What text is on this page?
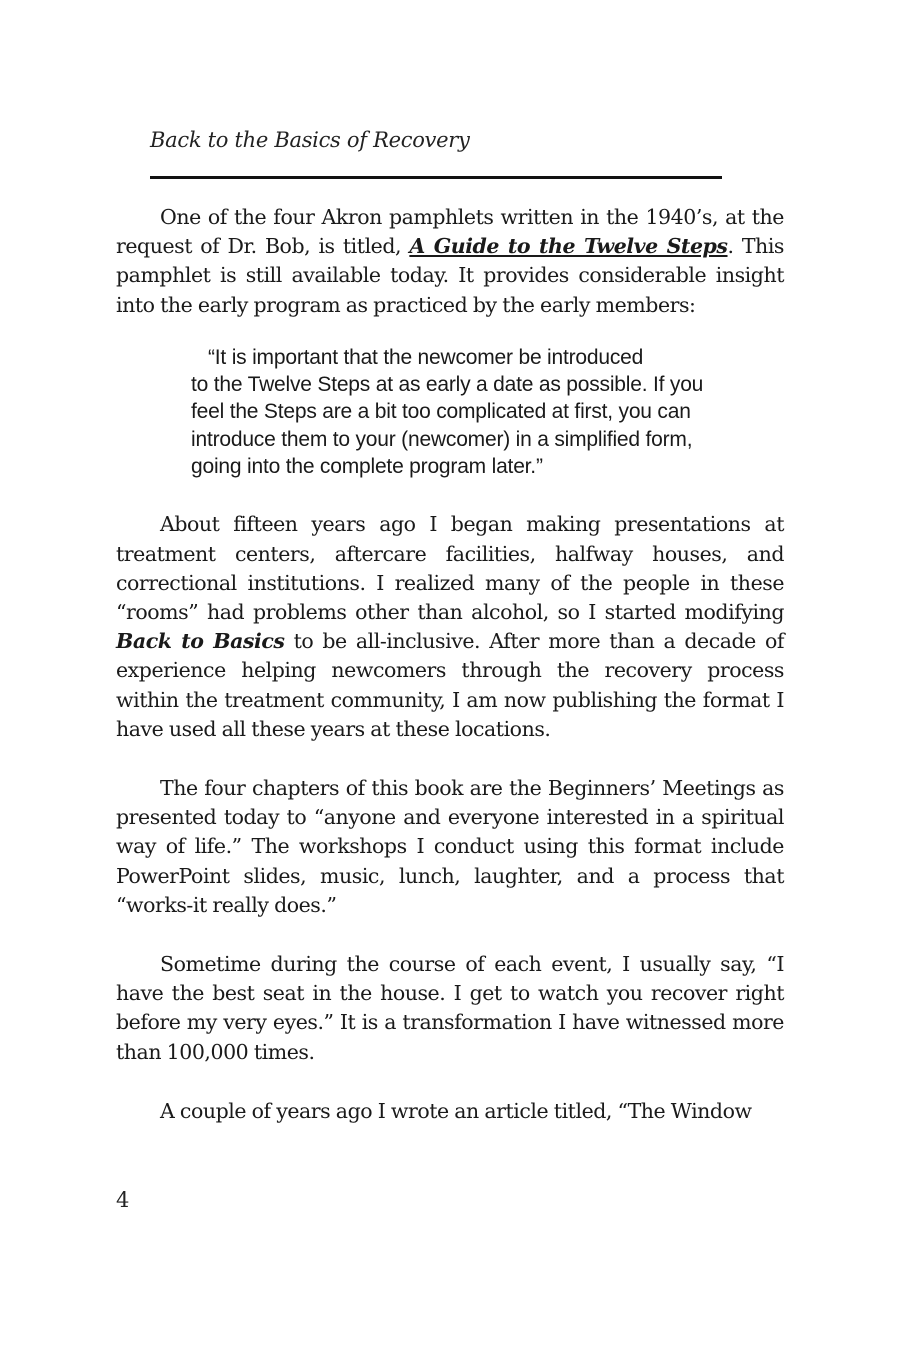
Back to the Basics of Recovery

One of the four Akron pamphlets written in the 1940’s, at the request of Dr. Bob, is titled, A Guide to the Twelve Steps. This pamphlet is still available today. It provides considerable insight into the early program as practiced by the early members:

“It is important that the newcomer be introduced
to the Twelve Steps at as early a date as possible. If you feel the Steps are a bit too complicated at first, you can introduce them to your (newcomer) in a simplified form, going into the complete program later.”

About fifteen years ago I began making presentations at treatment centers, aftercare facilities, halfway houses, and correctional institutions. I realized many of the people in these “rooms” had problems other than alcohol, so I started modifying Back to Basics to be all-inclusive. After more than a decade of experience helping newcomers through the recovery process within the treatment community, I am now publishing the format I have used all these years at these locations.

The four chapters of this book are the Beginners’ Meetings as presented today to “anyone and everyone interested in a spiritual way of life.” The workshops I conduct using this format include PowerPoint slides, music, lunch, laughter, and a process that “works-it really does.”

Sometime during the course of each event, I usually say, “I have the best seat in the house. I get to watch you recover right before my very eyes.” It is a transformation I have witnessed more than 100,000 times.

A couple of years ago I wrote an article titled, “The Window

4
